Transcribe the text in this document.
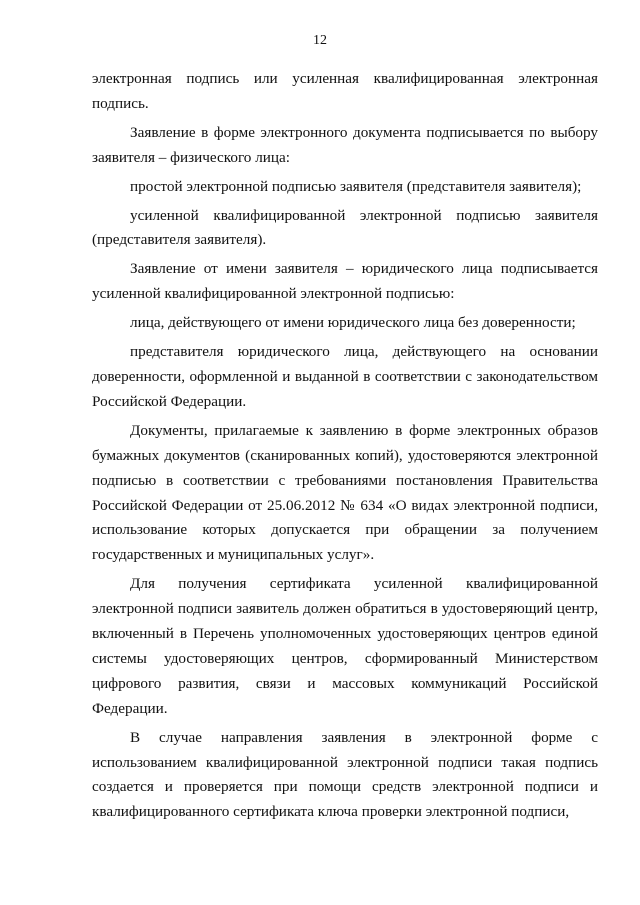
12

электронная подпись или усиленная квалифицированная электронная подпись.

Заявление в форме электронного документа подписывается по выбору заявителя – физического лица:

простой электронной подписью заявителя (представителя заявителя);

усиленной квалифицированной электронной подписью заявителя (представителя заявителя).

Заявление от имени заявителя – юридического лица подписывается усиленной квалифицированной электронной подписью:

лица, действующего от имени юридического лица без доверенности;

представителя юридического лица, действующего на основании доверенности, оформленной и выданной в соответствии с законодательством Российской Федерации.

Документы, прилагаемые к заявлению в форме электронных образов бумажных документов (сканированных копий), удостоверяются электронной подписью в соответствии с требованиями постановления Правительства Российской Федерации от 25.06.2012 № 634 «О видах электронной подписи, использование которых допускается при обращении за получением государственных и муниципальных услуг».

Для получения сертификата усиленной квалифицированной электронной подписи заявитель должен обратиться в удостоверяющий центр, включенный в Перечень уполномоченных удостоверяющих центров единой системы удостоверяющих центров, сформированный Министерством цифрового развития, связи и массовых коммуникаций Российской Федерации.

В случае направления заявления в электронной форме с использованием квалифицированной электронной подписи такая подпись создается и проверяется при помощи средств электронной подписи и квалифицированного сертификата ключа проверки электронной подписи,
